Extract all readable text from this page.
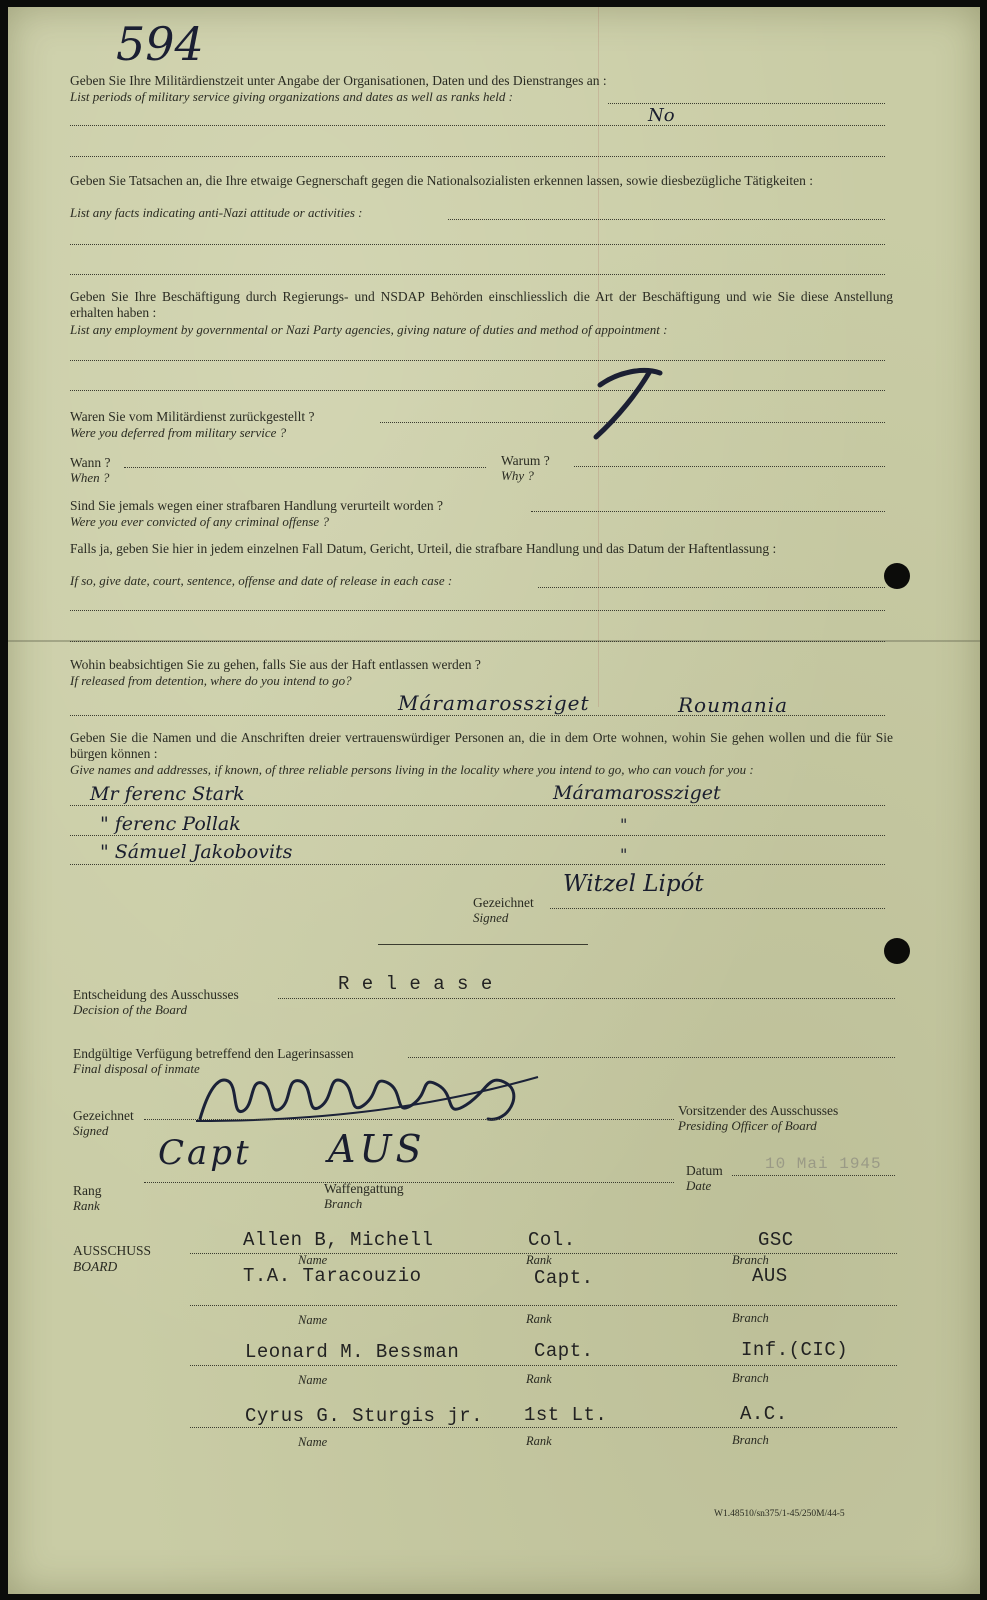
594
Geben Sie Ihre Militärdienstzeit unter Angabe der Organisationen, Daten und des Dienstranges an :
List periods of military service giving organizations and dates as well as ranks held :
No
Geben Sie Tatsachen an, die Ihre etwaige Gegnerschaft gegen die Nationalsozialisten erkennen lassen, sowie diesbezügliche Tätigkeiten :
List any facts indicating anti-Nazi attitude or activities :
Geben Sie Ihre Beschäftigung durch Regierungs- und NSDAP Behörden einschliesslich die Art der Beschäftigung und wie Sie diese Anstellung erhalten haben :
List any employment by governmental or Nazi Party agencies, giving nature of duties and method of appointment :
Waren Sie vom Militärdienst zurückgestellt ?
Were you deferred from military service ?
Wann ?
When ?
Warum ?
Why ?
Sind Sie jemals wegen einer strafbaren Handlung verurteilt worden ?
Were you ever convicted of any criminal offense ?
Falls ja, geben Sie hier in jedem einzelnen Fall Datum, Gericht, Urteil, die strafbare Handlung und das Datum der Haftentlassung :
If so, give date, court, sentence, offense and date of release in each case :
Wohin beabsichtigen Sie zu gehen, falls Sie aus der Haft entlassen werden ?
If released from detention, where do you intend to go?
Máramarossziget	Roumania
Geben Sie die Namen und die Anschriften dreier vertrauenswürdiger Personen an, die in dem Orte wohnen, wohin Sie gehen wollen und die für Sie bürgen können :
Give names and addresses, if known, of three reliable persons living in the locality where you intend to go, who can vouch for you :
Mr ferenc Stark	Máramarossziget
" ferenc Pollak	"
" Sámuel Jakobovits	"
Gezeichnet
Signed
Witzel Lipót
Entscheidung des Ausschusses
Decision of the Board
R e l e a s e
Endgültige Verfügung betreffend den Lagerinsassen
Final disposal of inmate
Gezeichnet
Signed
Vorsitzender des Ausschusses
Presiding Officer of Board
Capt AUS
Rang
Rank
Waffengattung
Branch
Datum
Date
10 Mai 1945
AUSSCHUSS
BOARD
Allen B, Michell	Col.	GSC
Name	Rank	Branch
T.A. Taracouzio	Capt.	AUS
Name	Rank	Branch
Leonard M. Bessman	Capt.	Inf.(CIC)
Name	Rank	Branch
Cyrus G. Sturgis jr. 1st Lt.	A.C.
Name	Rank	Branch
W1.48510/sn375/1-45/250M/44-5
